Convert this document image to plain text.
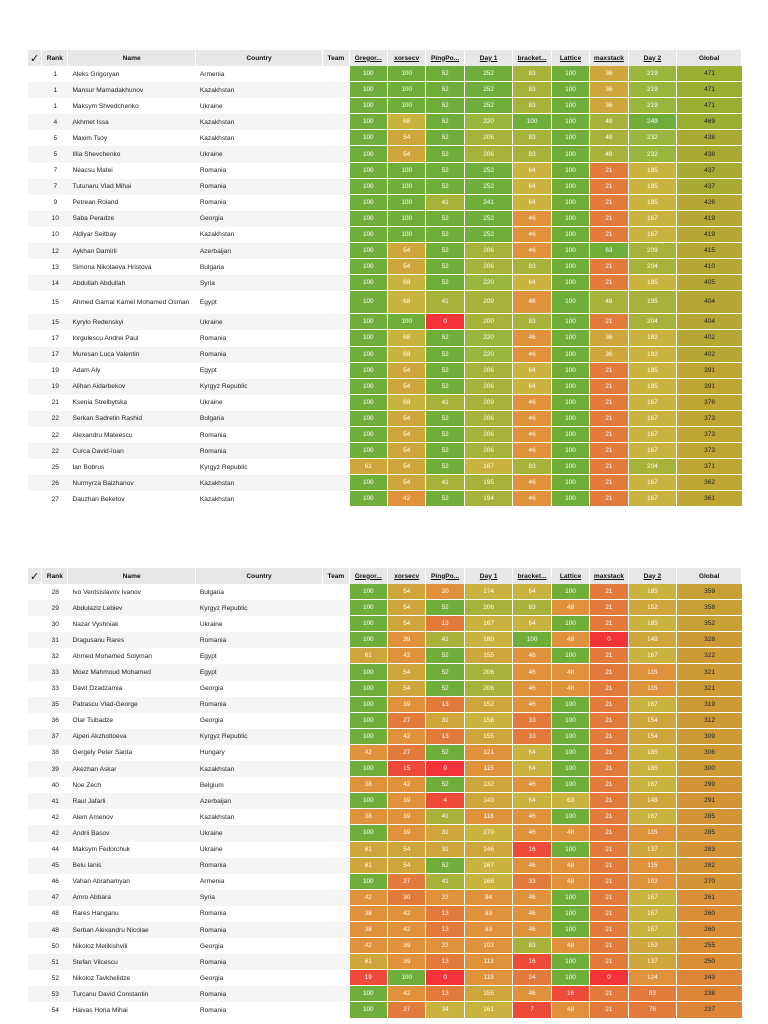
✓	Rank	Name	Country	Team	Gregor...	xorsecv	PingPo...	Day 1	bracket...	Lattice	maxstack	Day 2	Global
	1	Aleks Grigoryan	Armenia		100	100	52	252	83	100	36	219	471
	1	Mansur Mamadakhunov	Kazakhstan		100	100	52	252	83	100	36	219	471
	1	Maksym Shvedchenko	Ukraine		100	100	52	252	83	100	36	219	471
	4	Akhmet Issa	Kazakhstan		100	68	52	220	100	100	49	249	469
	5	Maxim Tsoy	Kazakhstan		100	54	52	206	83	100	49	232	438
	5	Illia Shevchenko	Ukraine		100	54	52	206	83	100	49	232	438
	7	Neacsu Matei	Romania		100	100	52	252	64	100	21	185	437
	7	Tutunaru Vlad Mihai	Romania		100	100	52	252	64	100	21	185	437
	9	Petrean Roland	Romania		100	100	41	241	64	100	21	185	426
	10	Saba Peradze	Georgia		100	100	52	252	46	100	21	167	419
	10	Aldiyar Seitbay	Kazakhstan		100	100	52	252	46	100	21	167	419
	12	Aykhan Damirli	Azerbaijan		100	54	52	206	46	100	63	209	415
	13	Simona Nikolaeva Hristova	Bulgaria		100	54	52	206	83	100	21	204	410
	14	Abdullah Abdullah	Syria		100	68	52	220	64	100	21	185	405
	15	Ahmed Gamal Kamel Mohamed Osman	Egypt		100	68	41	209	46	100	49	195	404
	15	Kyrylo Redenskyi	Ukraine		100	100	0	200	83	100	21	204	404
	17	Iorgulescu Andrei Paul	Romania		100	68	52	220	46	100	36	182	402
	17	Muresan Luca Valentin	Romania		100	68	52	220	46	100	36	182	402
	19	Adam Aly	Egypt		100	54	52	206	64	100	21	185	391
	19	Alihan Aidarbekov	Kyrgyz Republic		100	54	52	206	64	100	21	185	391
	21	Ksenia Strelbytska	Ukraine		100	68	41	209	46	100	21	167	376
	22	Serkan Sadretin Rashid	Bulgaria		100	54	52	206	46	100	21	167	373
	22	Alexandru Mateescu	Romania		100	54	52	206	46	100	21	167	373
	22	Curca David-Ioan	Romania		100	54	52	206	46	100	21	167	373
	25	Ian Bobrus	Kyrgyz Republic		61	54	52	167	83	100	21	204	371
	26	Nurmyrza Baizhanov	Kazakhstan		100	54	41	195	46	100	21	167	362
	27	Dauzhan Beketov	Kazakhstan		100	42	52	194	46	100	21	167	361
✓	Rank	Name	Country	Team	Gregor...	xorsecv	PingPo...	Day 1	bracket...	Lattice	maxstack	Day 2	Global
	28	Ivo Ventsislavov Ivanov	Bulgaria		100	54	20	174	64	100	21	185	359
	29	Abdulaziz Lebiev	Kyrgyz Republic		100	54	52	206	83	48	21	152	358
	30	Nazar Vyshniak	Ukraine		100	54	13	167	64	100	21	185	352
	31	Dragusanu Rares	Romania		100	39	41	180	100	48	0	148	328
	32	Ahmed Mohamed Solyman	Egypt		61	42	52	155	46	100	21	167	322
	33	Moez Mahmoud Mohamed	Egypt		100	54	52	206	46	48	21	115	321
	33	Davit Dzadzamia	Georgia		100	54	52	206	46	48	21	115	321
	35	Patrascu Vlad-George	Romania		100	39	13	152	46	100	21	167	319
	36	Otar Tsibadze	Georgia		100	27	31	158	33	100	21	154	312
	37	Aiperi Akzholtoeva	Kyrgyz Republic		100	42	13	155	33	100	21	154	309
	38	Gergely Peter Santa	Hungary		42	27	52	121	64	100	21	185	306
	39	Akezhan Askar	Kazakhstan		100	15	0	115	64	100	21	185	300
	40	Noe Zech	Belgium		38	42	52	132	46	100	21	167	299
	41	Raul Jafarli	Azerbaijan		100	39	4	143	64	63	21	148	291
	42	Alem Amenov	Kazakhstan		38	39	41	118	46	100	21	167	285
	42	Andrii Basov	Ukraine		100	39	31	170	46	48	21	115	285
	44	Maksym Fedorchuk	Ukraine		61	54	31	146	16	100	21	137	283
	45	Belu Ianis	Romania		61	54	52	167	46	48	21	115	282
	46	Vahan Abrahamyan	Armenia		100	27	41	168	33	48	21	102	270
	47	Amro Abbara	Syria		42	30	22	94	46	100	21	167	261
	48	Rares Hanganu	Romania		38	42	13	93	46	100	21	167	260
	48	Serban Alexandru Nicolae	Romania		38	42	13	93	46	100	21	167	260
	50	Nikoloz Melikishvili	Georgia		42	39	22	103	83	48	21	152	255
	51	Stefan Vilcescu	Romania		61	39	13	113	16	100	21	137	250
	52	Nikoloz Tavkhelidze	Georgia		19	100	0	119	24	100	0	124	243
	53	Turcanu David Constantin	Romania		100	42	13	155	46	16	21	83	238
	54	Haivas Horia Mihai	Romania		100	27	34	161	7	48	21	76	237
